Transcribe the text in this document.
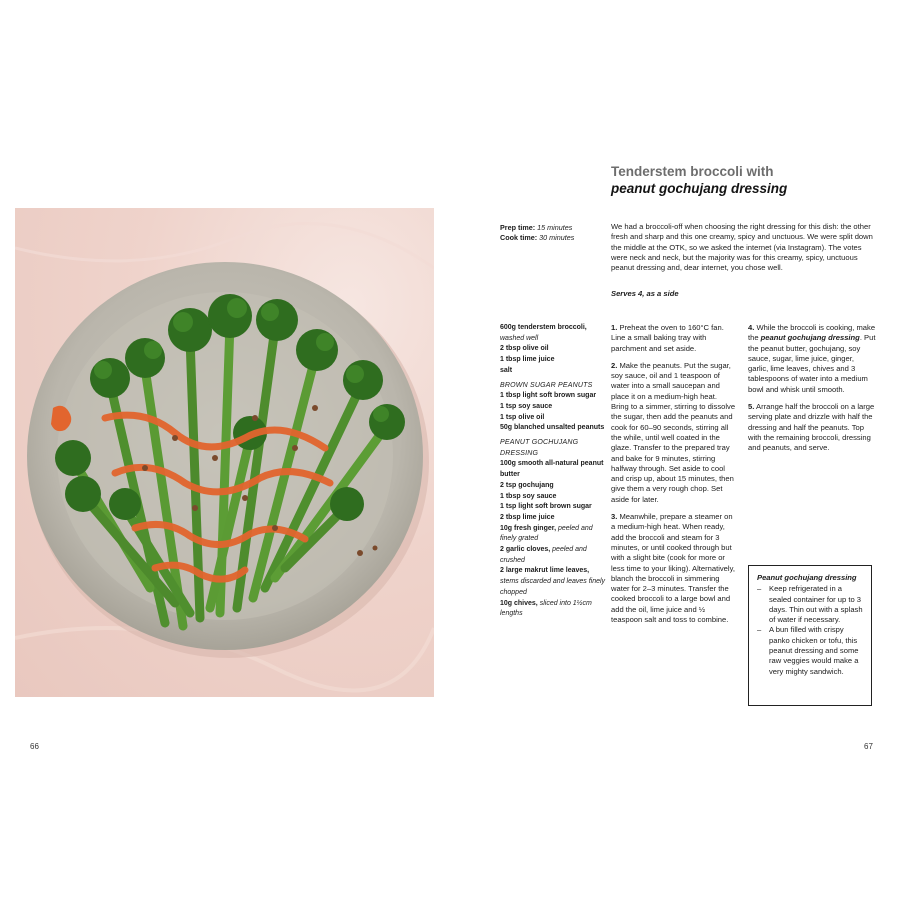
66	67
Tenderstem broccoli with
peanut gochujang dressing
Prep time: 15 minutes
Cook time: 30 minutes

We had a broccoli-off when choosing the right dressing for this dish: the other fresh and sharp and this one creamy, spicy and unctuous. We were split down the middle at the OTK, so we asked the internet (via Instagram). The votes were neck and neck, but the majority was for this creamy, spicy, unctuous peanut dressing and, dear internet, you chose well.

Serves 4, as a side
600g tenderstem broccoli, washed well
2 tbsp olive oil
1 tbsp lime juice
salt
BROWN SUGAR PEANUTS
1 tbsp light soft brown sugar
1 tsp soy sauce
1 tsp olive oil
50g blanched unsalted peanuts
PEANUT GOCHUJANG DRESSING
100g smooth all-natural peanut butter
2 tsp gochujang
1 tbsp soy sauce
1 tsp light soft brown sugar
2 tbsp lime juice
10g fresh ginger, peeled and finely grated
2 garlic cloves, peeled and crushed
2 large makrut lime leaves, stems discarded and leaves finely chopped
10g chives, sliced into 1½cm lengths

1. Preheat the oven to 160°C fan. Line a small baking tray with parchment and set aside.

2. Make the peanuts. Put the sugar, soy sauce, oil and 1 teaspoon of water into a small saucepan and place it on a medium-high heat. Bring to a simmer, stirring to dissolve the sugar, then add the peanuts and cook for 60–90 seconds, stirring all the while, until well coated in the glaze. Transfer to the prepared tray and bake for 9 minutes, stirring halfway through. Set aside to cool and crisp up, about 15 minutes, then give them a very rough chop. Set aside for later.

3. Meanwhile, prepare a steamer on a medium-high heat. When ready, add the broccoli and steam for 3 minutes, or until cooked through but with a slight bite (cook for more or less time to your liking). Alternatively, blanch the broccoli in simmering water for 2–3 minutes. Transfer the cooked broccoli to a large bowl and add the oil, lime juice and ½ teaspoon salt and toss to combine.

4. While the broccoli is cooking, make the peanut gochujang dressing. Put the peanut butter, gochujang, soy sauce, sugar, lime juice, ginger, garlic, lime leaves, chives and 3 tablespoons of water into a medium bowl and whisk until smooth.

5. Arrange half the broccoli on a large serving plate and drizzle with half the dressing and half the peanuts. Top with the remaining broccoli, dressing and peanuts, and serve.

Peanut gochujang dressing

– Keep refrigerated in a sealed container for up to 3 days. Thin out with a splash of water if necessary.

– A bun filled with crispy panko chicken or tofu, this peanut dressing and some raw veggies would make a very mighty sandwich.
